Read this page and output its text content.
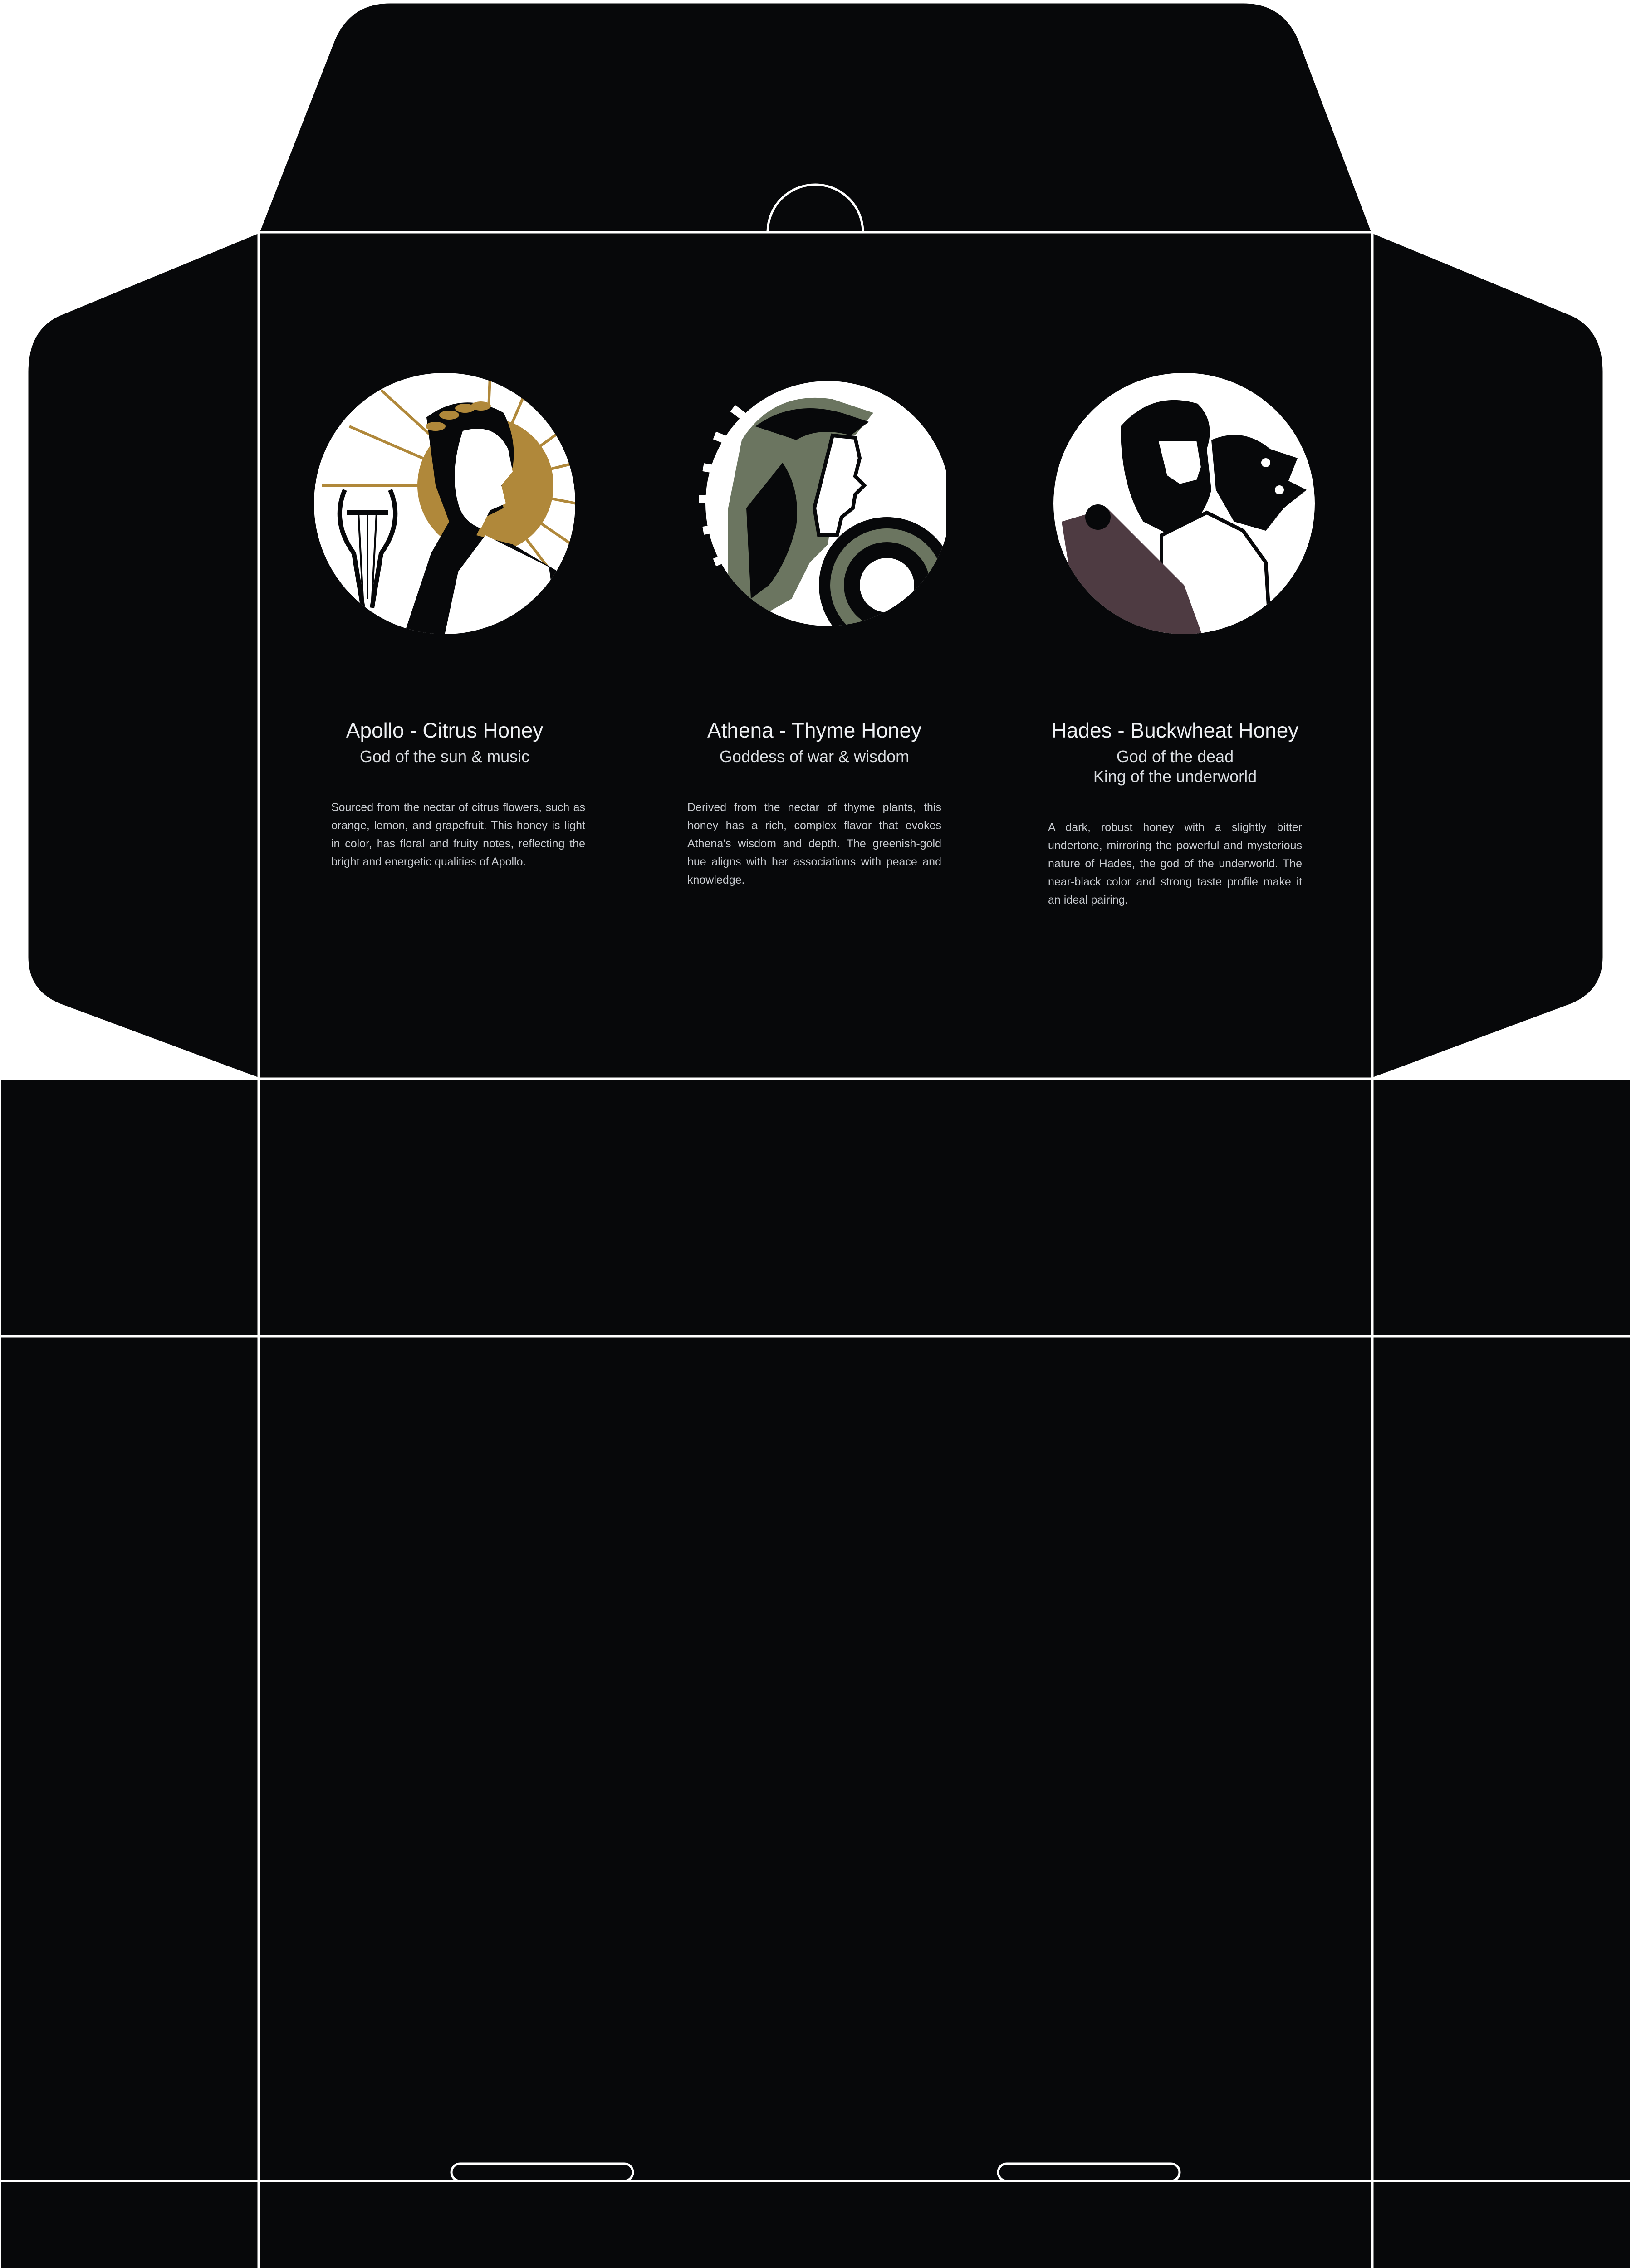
Apollo - Citrus Honey

God of the sun & music

Sourced from the nectar of citrus flowers, such as orange, lemon, and grapefruit. This honey is light in color, has floral and fruity notes, reflecting the bright and energetic qualities of Apollo.

Athena - Thyme Honey

Goddess of war & wisdom

Derived from the nectar of thyme plants, this honey has a rich, complex flavor that evokes Athena's wisdom and depth. The greenish-gold hue aligns with her associations with peace and knowledge.

Hades - Buckwheat Honey

God of the dead
King of the underworld

A dark, robust honey with a slightly bitter undertone, mirroring the powerful and mysterious nature of Hades, the god of the underworld. The near-black color and strong taste profile make it an ideal pairing.
